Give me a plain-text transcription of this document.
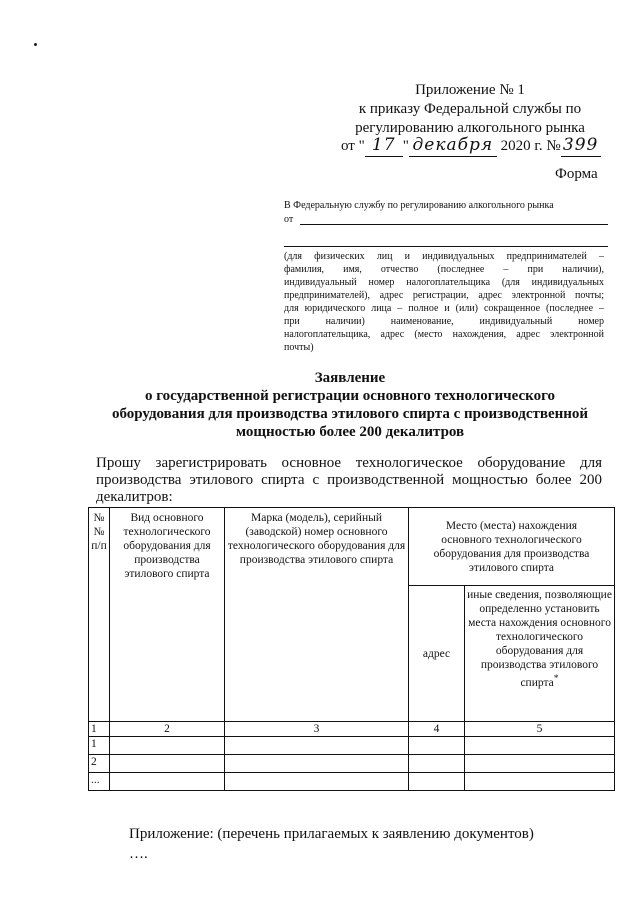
Приложение № 1
к приказу Федеральной службы по
регулированию алкогольного рынка
от " 17 " декабря 2020 г. № 399
Форма
В Федеральную службу по регулированию алкогольного рынка
от
(для физических лиц и индивидуальных предпринимателей –
фамилия, имя, отчество (последнее – при наличии),
индивидуальный номер налогоплательщика (для индивидуальных
предпринимателей), адрес регистрации, адрес электронной почты;
для юридического лица – полное и (или) сокращенное (последнее –
при наличии) наименование, индивидуальный номер
налогоплательщика, адрес (место нахождения, адрес электронной
почты)
Заявление
о государственной регистрации основного технологического
оборудования для производства этилового спирта с производственной
мощностью более 200 декалитров
Прошу зарегистрировать основное технологическое оборудование для
производства этилового спирта с производственной мощностью более 200
декалитров:
№ № п/п	Вид основного технологического оборудования для производства этилового спирта	Марка (модель), серийный (заводской) номер основного технологического оборудования для производства этилового спирта	Место (места) нахождения основного технологического оборудования для производства этилового спирта	
			адрес	иные сведения, позволяющие определенно установить места нахождения основного технологического оборудования для производства этилового спирта*
1	2	3	4	5
1				
2				
...				
Приложение: (перечень прилагаемых к заявлению документов)
….
